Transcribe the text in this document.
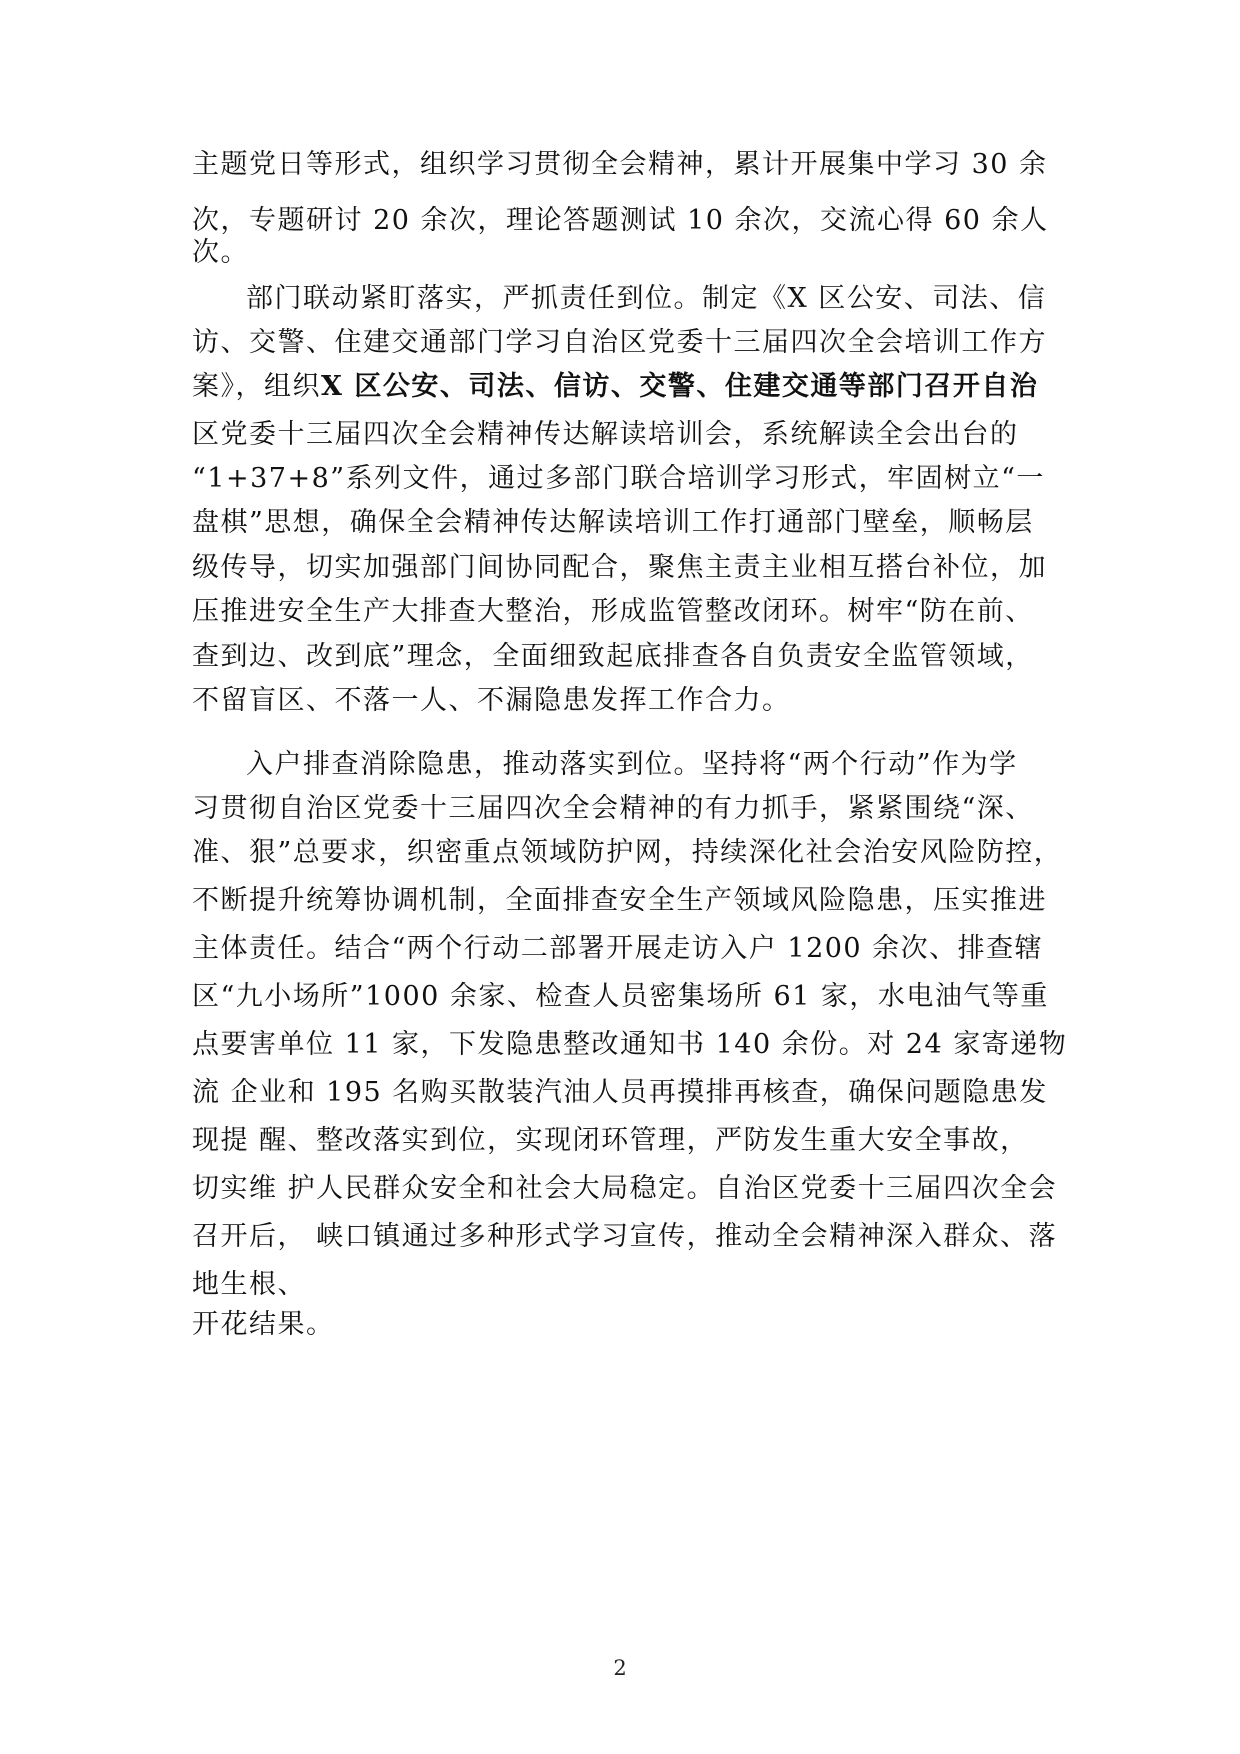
主题党日等形式，组织学习贯彻全会精神，累计开展集中学习 30 余
次，专题研讨 20 余次，理论答题测试 10 余次，交流心得 60 余人
次。
部门联动紧盯落实，严抓责任到位。制定《X 区公安、司法、信
访、交警、住建交通部门学习自治区党委十三届四次全会培训工作方
案》，组织X 区公安、司法、信访、交警、住建交通等部门召开自治
区党委十三届四次全会精神传达解读培训会，系统解读全会出台的
“1+37+8”系列文件，通过多部门联合培训学习形式，牢固树立“一
盘棋”思想，确保全会精神传达解读培训工作打通部门壁垒，顺畅层
级传导，切实加强部门间协同配合，聚焦主责主业相互搭台补位，加
压推进安全生产大排查大整治，形成监管整改闭环。树牢“防在前、
查到边、改到底”理念，全面细致起底排查各自负责安全监管领域，
不留盲区、不落一人、不漏隐患发挥工作合力。
入户排查消除隐患，推动落实到位。坚持将“两个行动”作为学
习贯彻自治区党委十三届四次全会精神的有力抓手，紧紧围绕“深、
准、狠”总要求，织密重点领域防护网，持续深化社会治安风险防控，
不断提升统筹协调机制，全面排查安全生产领域风险隐患，压实推进
主体责任。结合“两个行动二部署开展走访入户 1200 余次、排查辖
区“九小场所”1000 余家、检查人员密集场所 61 家，水电油气等重
点要害单位 11 家，下发隐患整改通知书 140 余份。对 24 家寄递物
流 企业和 195 名购买散装汽油人员再摸排再核查，确保问题隐患发
现提 醒、整改落实到位，实现闭环管理，严防发生重大安全事故，
切实维 护人民群众安全和社会大局稳定。自治区党委十三届四次全会
召开后， 峡口镇通过多种形式学习宣传，推动全会精神深入群众、落
地生根、
开花结果。
2
